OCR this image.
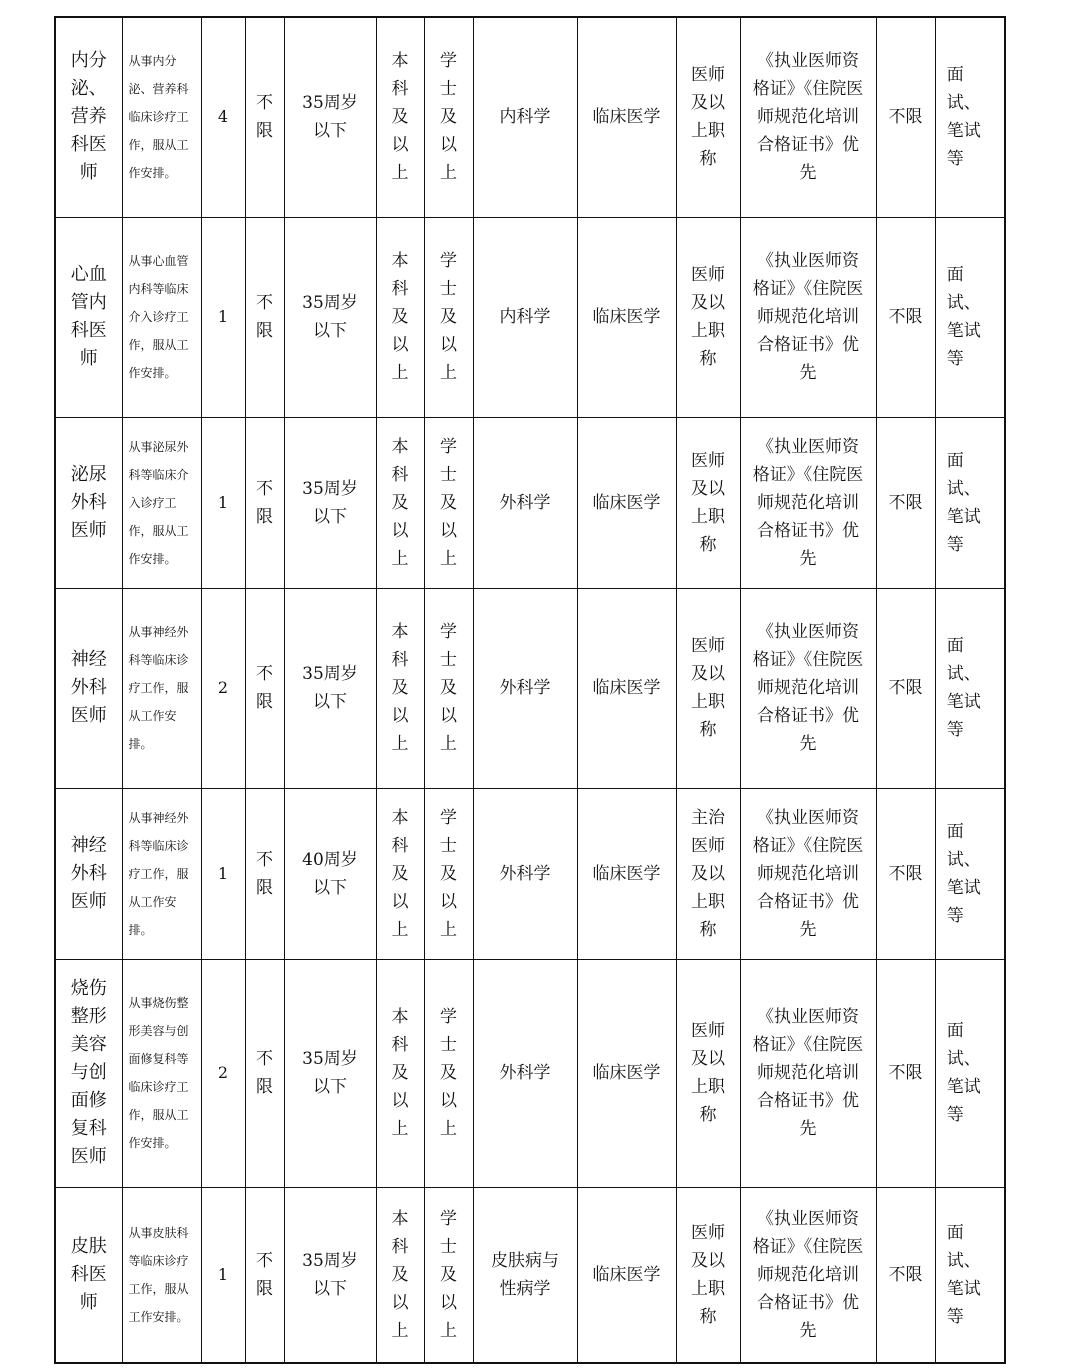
内分泌、营养科医师	从事内分泌、营养科临床诊疗工作，服从工作安排。	4	不限	35周岁以下	本科及以上	学士及以上	内科学	临床医学	医师及以上职称	《执业医师资格证》《住院医师规范化培训合格证书》优先	不限	面试、笔试等

心血管内科医师	从事心血管内科等临床介入诊疗工作，服从工作安排。	1	不限	35周岁以下	本科及以上	学士及以上	内科学	临床医学	医师及以上职称	《执业医师资格证》《住院医师规范化培训合格证书》优先	不限	面试、笔试等

泌尿外科医师	从事泌尿外科等临床介入诊疗工作，服从工作安排。	1	不限	35周岁以下	本科及以上	学士及以上	外科学	临床医学	医师及以上职称	《执业医师资格证》《住院医师规范化培训合格证书》优先	不限	面试、笔试等

神经外科医师	从事神经外科等临床诊疗工作，服从工作安排。	2	不限	35周岁以下	本科及以上	学士及以上	外科学	临床医学	医师及以上职称	《执业医师资格证》《住院医师规范化培训合格证书》优先	不限	面试、笔试等

神经外科医师	从事神经外科等临床诊疗工作，服从工作安排。	1	不限	40周岁以下	本科及以上	学士及以上	外科学	临床医学	主治医师及以上职称	《执业医师资格证》《住院医师规范化培训合格证书》优先	不限	面试、笔试等

烧伤整形美容与创面修复科医师	从事烧伤整形美容与创面修复科等临床诊疗工作，服从工作安排。	2	不限	35周岁以下	本科及以上	学士及以上	外科学	临床医学	医师及以上职称	《执业医师资格证》《住院医师规范化培训合格证书》优先	不限	面试、笔试等

皮肤科医师	从事皮肤科等临床诊疗工作，服从工作安排。	1	不限	35周岁以下	本科及以上	学士及以上	皮肤病与性病学	临床医学	医师及以上职称	《执业医师资格证》《住院医师规范化培训合格证书》优先	不限	面试、笔试等
